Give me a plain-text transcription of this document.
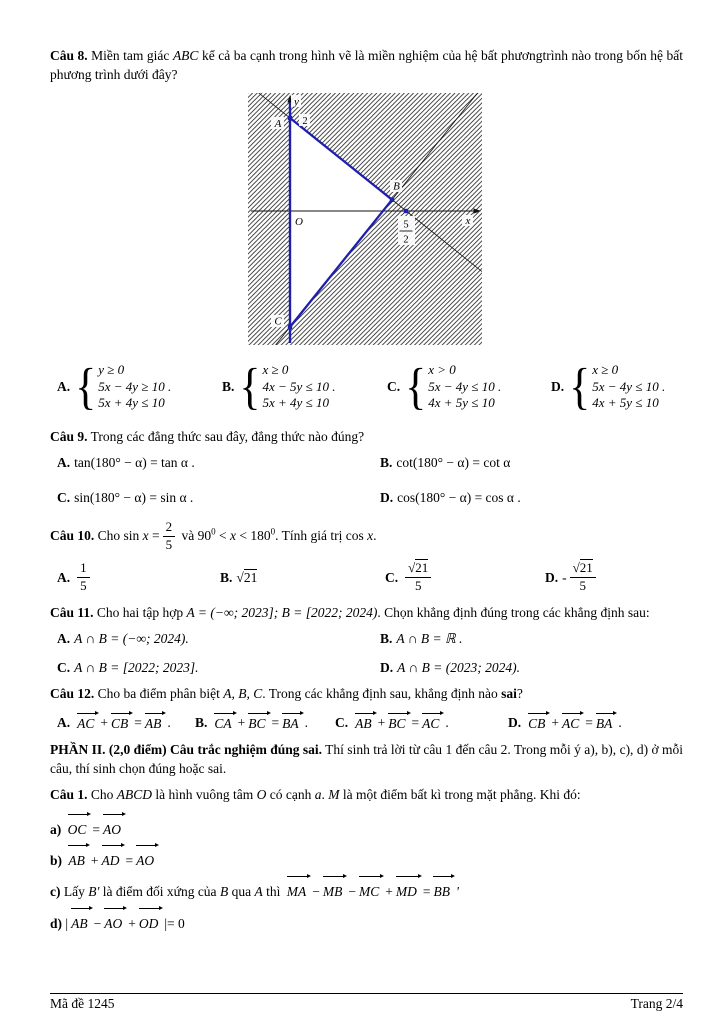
Câu 8. Miền tam giác ABC kể cả ba cạnh trong hình vẽ là miền nghiệm của hệ bất phươngtrình nào trong bốn hệ bất phương trình dưới đây?

A 2
B
O	x
y
C
5
2
A. { y ≥ 0
5x − 4y ≥ 10 .
5x + 4y ≤ 10
B. { x ≥ 0
4x − 5y ≤ 10 .
5x + 4y ≤ 10
C. { x > 0
5x − 4y ≤ 10 .
4x + 5y ≤ 10
D. { x ≥ 0
5x − 4y ≤ 10 .
4x + 5y ≤ 10

Câu 9. Trong các đẳng thức sau đây, đẳng thức nào đúng?

A. tan(180° − α) = tan α .	B. cot(180° − α) = cot α
C. sin(180° − α) = sin α .	D. cos(180° − α) = cos α .

Câu 10. Cho $\sin x = \frac{2}{5}$ và $90^0 < x < 180^0$. Tính giá trị cos x.

A. $\frac{1}{5}$	B. √ 21	C. √ $\frac{21}{5}$	D. - √ $\frac{21}{5}$

Câu 11. Cho hai tập hợp A = (−∞; 2023]; B = [2022; 2024). Chọn khẳng định đúng trong các khẳng định sau:

A. A ∩ B = (−∞; 2024).	B. A ∩ B = ℝ .
C. A ∩ B = [2022; 2023].	D. A ∩ B = (2023; 2024).

Câu 12. Cho ba điểm phân biệt A, B, C. Trong các khẳng định sau, khẳng định nào sai?

A. AC + CB = AB . B. CA + BC = BA . C. AB + BC = AC .	D. CB + AC = BA .

PHẦN II. (2,0 điểm) Câu trắc nghiệm đúng sai. Thí sinh trả lời từ câu 1 đến câu 2. Trong mỗi ý a), b), c), d) ở mỗi câu, thí sinh chọn đúng hoặc sai.

Câu 1. Cho ABCD là hình vuông tâm O có cạnh a. M là một điểm bất kì trong mặt phẳng. Khi đó:

a) OC = AO
b) AB + AD = AO
c) Lấy B' là điểm đối xứng của B qua A thì MA − MB − MC + MD = BB '
d) | AB − AO + OD |= 0
Mã đề 1245	Trang 2/4
